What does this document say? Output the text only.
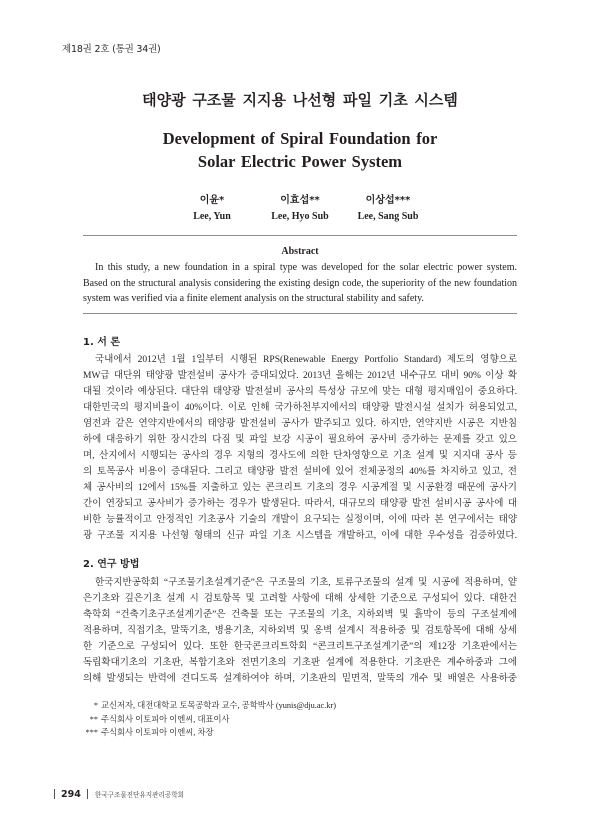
제18권 2호 (통권 34권)
태양광 구조물 지지용 나선형 파일 기초 시스템
Development of Spiral Foundation for
Solar Electric Power System
이윤*
Lee, Yun
이효섭**
Lee, Hyo Sub
이상섭***
Lee, Sang Sub
Abstract
In this study, a new foundation in a spiral type was developed for the solar electric power system.
Based on the structural analysis considering the existing design code, the superiority of the new foundation
system was verified via a finite element analysis on the structural stability and safety.
1. 서 론
국내에서 2012년 1월 1일부터 시행된 RPS(Renewable Energy Portfolio Standard) 제도의 영향으로
MW급 대단위 태양광 발전설비 공사가 증대되었다. 2013년 올해는 2012년 내수규모 대비 90% 이상 확
대될 것이라 예상된다. 대단위 태양광 발전설비 공사의 특성상 규모에 맞는 대형 평지매입이 중요하다.
대한민국의 평지비율이 40%이다. 이로 인해 국가하천부지에서의 태양광 발전시설 설치가 허용되었고,
염전과 같은 연약지반에서의 태양광 발전설비 공사가 발주되고 있다. 하지만, 연약지반 시공은 지반침
하에 대응하기 위한 장시간의 다짐 및 파일 보강 시공이 필요하여 공사비 증가하는 문제를 갖고 있으
며, 산지에서 시행되는 공사의 경우 지형의 경사도에 의한 단차영향으로 기초 설계 및 지지대 공사 등
의 토목공사 비용이 증대된다. 그리고 태양광 발전 설비에 있어 전체공정의 40%를 차지하고 있고, 전
체 공사비의 12에서 15%를 지출하고 있는 콘크리트 기초의 경우 시공계절 및 시공환경 때문에 공사기
간이 연장되고 공사비가 증가하는 경우가 발생된다. 따라서, 대규모의 태양광 발전 설비시공 공사에 대
비한 능률적이고 안정적인 기초공사 기술의 개발이 요구되는 실정이며, 이에 따라 본 연구에서는 태양
광 구조물 지지용 나선형 형태의 신규 파일 기초 시스템을 개발하고, 이에 대한 우수성을 검증하였다.
2. 연구 방법
한국지반공학회 “구조물기초설계기준”은 구조물의 기초, 토류구조물의 설계 및 시공에 적용하며, 얕
은기초와 깊은기초 설계 시 검토항목 및 고려할 사항에 대해 상세한 기준으로 구성되어 있다. 대한건
축학회 “건축기초구조설계기준”은 건축물 또는 구조물의 기초, 지하외벽 및 흙막이 등의 구조설계에
적용하며, 직접기초, 말뚝기초, 병용기초, 지하외벽 및 옹벽 설계시 적용하중 및 검토항목에 대해 상세
한 기준으로 구성되어 있다. 또한 한국콘크리트학회 “콘크리트구조설계기준”의 제12장 기초판에서는
독립확대기초의 기초판, 복합기초와 전면기초의 기초판 설계에 적용한다. 기초판은 계수하중과 그에
의해 발생되는 반력에 견디도록 설계하여야 하며, 기초판의 밑면적, 말뚝의 개수 및 배열은 사용하중
* 교신저자, 대전대학교 토목공학과 교수, 공학박사 (yunis@dju.ac.kr)
** 주식회사 이토피아 이엔씨, 대표이사
*** 주식회사 이토피아 이엔씨, 차장
294 한국구조물진단유지관리공학회
